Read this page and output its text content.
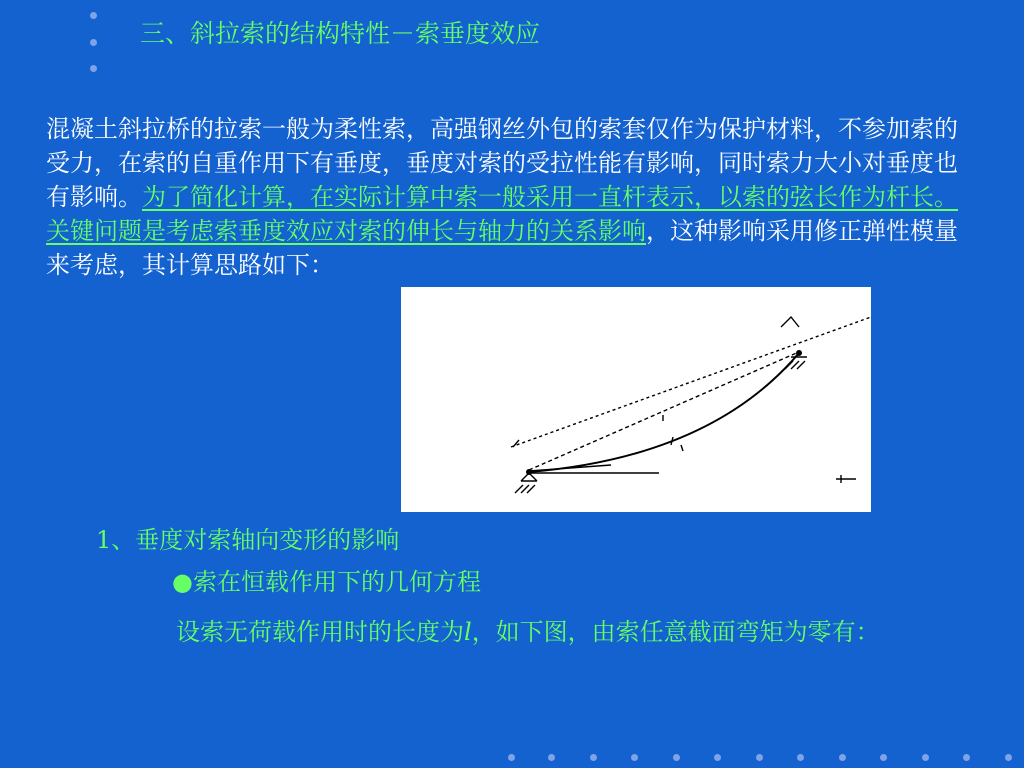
三、斜拉索的结构特性－索垂度效应
混凝土斜拉桥的拉索一般为柔性索，高强钢丝外包的索套仅作为保护材料，不参加索的受力，在索的自重作用下有垂度，垂度对索的受拉性能有影响，同时索力大小对垂度也有影响。为了简化计算，在实际计算中索一般采用一直杆表示，以索的弦长作为杆长。关键问题是考虑索垂度效应对索的伸长与轴力的关系影响，这种影响采用修正弹性模量来考虑，其计算思路如下：
1、垂度对索轴向变形的影响
●索在恒载作用下的几何方程
设索无荷载作用时的长度为l，如下图，由索任意截面弯矩为零有：
